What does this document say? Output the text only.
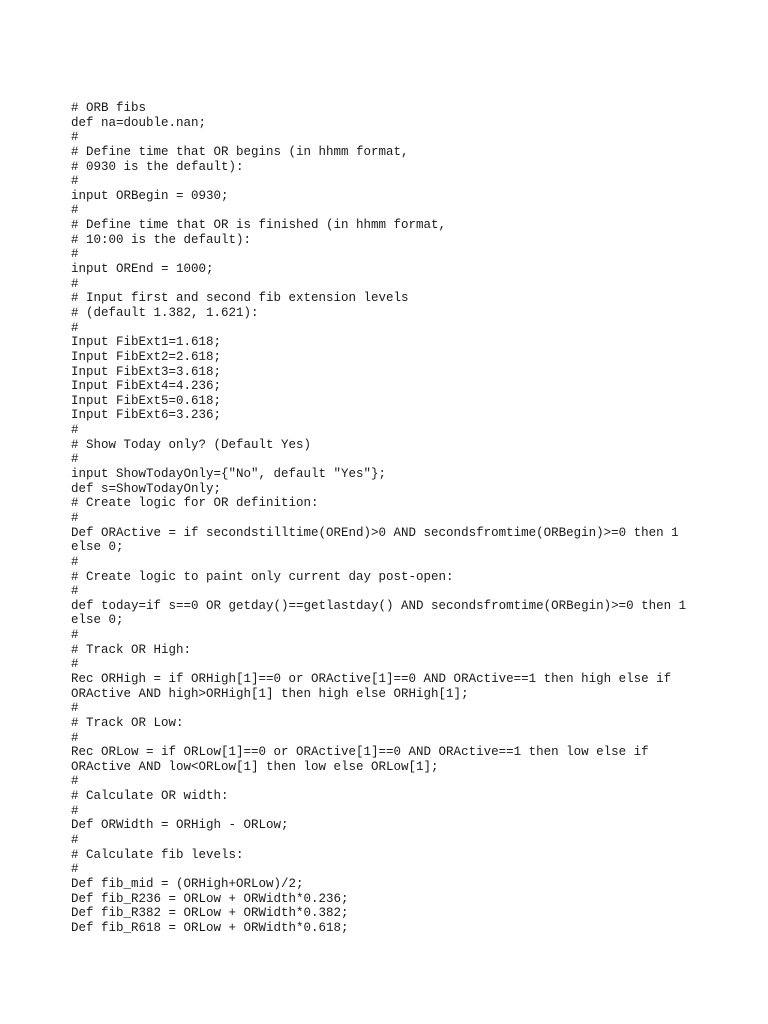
# ORB fibs
def na=double.nan;
#
# Define time that OR begins (in hhmm format,
# 0930 is the default):
#
input ORBegin = 0930;
#
# Define time that OR is finished (in hhmm format,
# 10:00 is the default):
#
input OREnd = 1000;
#
# Input first and second fib extension levels
# (default 1.382, 1.621):
#
Input FibExt1=1.618;
Input FibExt2=2.618;
Input FibExt3=3.618;
Input FibExt4=4.236;
Input FibExt5=0.618;
Input FibExt6=3.236;
#
# Show Today only? (Default Yes)
#
input ShowTodayOnly={"No", default "Yes"};
def s=ShowTodayOnly;
# Create logic for OR definition:
#
Def ORActive = if secondstilltime(OREnd)>0 AND secondsfromtime(ORBegin)>=0 then 1
else 0;
#
# Create logic to paint only current day post-open:
#
def today=if s==0 OR getday()==getlastday() AND secondsfromtime(ORBegin)>=0 then 1
else 0;
#
# Track OR High:
#
Rec ORHigh = if ORHigh[1]==0 or ORActive[1]==0 AND ORActive==1 then high else if
ORActive AND high>ORHigh[1] then high else ORHigh[1];
#
# Track OR Low:
#
Rec ORLow = if ORLow[1]==0 or ORActive[1]==0 AND ORActive==1 then low else if
ORActive AND low<ORLow[1] then low else ORLow[1];
#
# Calculate OR width:
#
Def ORWidth = ORHigh - ORLow;
#
# Calculate fib levels:
#
Def fib_mid = (ORHigh+ORLow)/2;
Def fib_R236 = ORLow + ORWidth*0.236;
Def fib_R382 = ORLow + ORWidth*0.382;
Def fib_R618 = ORLow + ORWidth*0.618;
